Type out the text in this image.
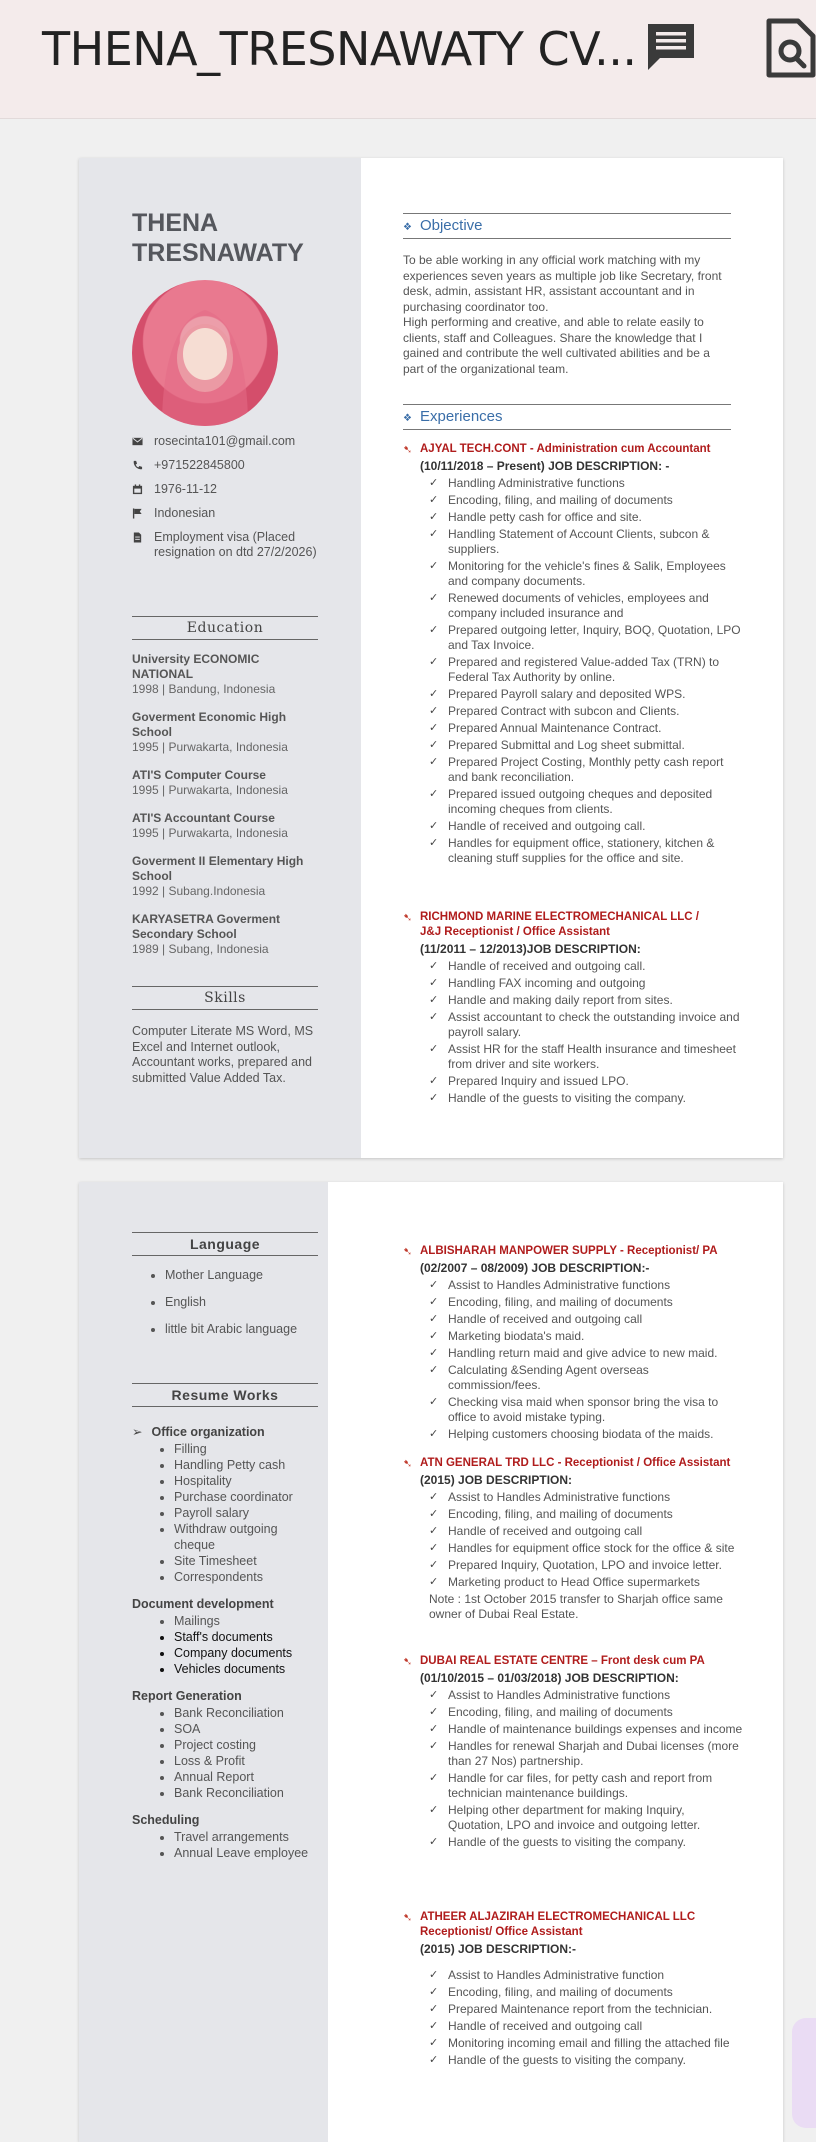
THENA_TRESNAWATY CV...
THENA TRESNAWATY
rosecinta101@gmail.com
+971522845800
1976-11-12
Indonesian
Employment visa (Placed resignation on dtd 27/2/2026)
Education
University ECONOMIC NATIONAL
1998 | Bandung, Indonesia
Goverment Economic High School
1995 | Purwakarta, Indonesia
ATI'S Computer Course
1995 | Purwakarta, Indonesia
ATI'S Accountant Course
1995 | Purwakarta, Indonesia
Goverment II Elementary High School
1992 | Subang.Indonesia
KARYASETRA Goverment Secondary School
1989 | Subang, Indonesia
Skills
Computer Literate MS Word, MS Excel and Internet outlook, Accountant works, prepared and submitted Value Added Tax.
❖ Objective
To be able working in any official work matching with my experiences seven years as multiple job like Secretary, front desk, admin, assistant HR, assistant accountant and in purchasing coordinator too.
High performing and creative, and able to relate easily to clients, staff and Colleagues. Share the knowledge that I gained and contribute the well cultivated abilities and be a part of the organizational team.
❖ Experiences
➷ AJYAL TECH.CONT - Administration cum Accountant
(10/11/2018 – Present) JOB DESCRIPTION: -
✓ Handling Administrative functions
✓ Encoding, filing, and mailing of documents
✓ Handle petty cash for office and site.
✓ Handling Statement of Account Clients, subcon & suppliers.
✓ Monitoring for the vehicle's fines & Salik, Employees and company documents.
✓ Renewed documents of vehicles, employees and company included insurance and
✓ Prepared outgoing letter, Inquiry, BOQ, Quotation, LPO and Tax Invoice.
✓ Prepared and registered Value-added Tax (TRN) to Federal Tax Authority by online.
✓ Prepared Payroll salary and deposited WPS.
✓ Prepared Contract with subcon and Clients.
✓ Prepared Annual Maintenance Contract.
✓ Prepared Submittal and Log sheet submittal.
✓ Prepared Project Costing, Monthly petty cash report and bank reconciliation.
✓ Prepared issued outgoing cheques and deposited incoming cheques from clients.
✓ Handle of received and outgoing call.
✓ Handles for equipment office, stationery, kitchen & cleaning stuff supplies for the office and site.
➷ RICHMOND MARINE ELECTROMECHANICAL LLC / J&J Receptionist / Office Assistant
(11/2011 – 12/2013)JOB DESCRIPTION:
✓ Handle of received and outgoing call.
✓ Handling FAX incoming and outgoing
✓ Handle and making daily report from sites.
✓ Assist accountant to check the outstanding invoice and payroll salary.
✓ Assist HR for the staff Health insurance and timesheet from driver and site workers.
✓ Prepared Inquiry and issued LPO.
✓ Handle of the guests to visiting the company.
Language
• Mother Language
• English
• little bit Arabic language
Resume Works
➢ Office organization
• Filling
• Handling Petty cash
• Hospitality
• Purchase coordinator
• Payroll salary
• Withdraw outgoing cheque
• Site Timesheet
• Correspondents
Document development
• Mailings
• Staff's documents
• Company documents
• Vehicles documents
Report Generation
• Bank Reconciliation
• SOA
• Project costing
• Loss & Profit
• Annual Report
• Bank Reconciliation
Scheduling
• Travel arrangements
• Annual Leave employee
➷ ALBISHARAH MANPOWER SUPPLY - Receptionist/ PA
(02/2007 – 08/2009) JOB DESCRIPTION:-
✓ Assist to Handles Administrative functions
✓ Encoding, filing, and mailing of documents
✓ Handle of received and outgoing call
✓ Marketing biodata's maid.
✓ Handling return maid and give advice to new maid.
✓ Calculating &Sending Agent overseas commission/fees.
✓ Checking visa maid when sponsor bring the visa to office to avoid mistake typing.
✓ Helping customers choosing biodata of the maids.
➷ ATN GENERAL TRD LLC - Receptionist / Office Assistant
(2015) JOB DESCRIPTION:
✓ Assist to Handles Administrative functions
✓ Encoding, filing, and mailing of documents
✓ Handle of received and outgoing call
✓ Handles for equipment office stock for the office & site
✓ Prepared Inquiry, Quotation, LPO and invoice letter.
✓ Marketing product to Head Office supermarkets
Note : 1st October 2015 transfer to Sharjah office same owner of Dubai Real Estate.
➷ DUBAI REAL ESTATE CENTRE – Front desk cum PA
(01/10/2015 – 01/03/2018) JOB DESCRIPTION:
✓ Assist to Handles Administrative functions
✓ Encoding, filing, and mailing of documents
✓ Handle of maintenance buildings expenses and income
✓ Handles for renewal Sharjah and Dubai licenses (more than 27 Nos) partnership.
✓ Handle for car files, for petty cash and report from technician maintenance buildings.
✓ Helping other department for making Inquiry, Quotation, LPO and invoice and outgoing letter.
✓ Handle of the guests to visiting the company.
➷ ATHEER ALJAZIRAH ELECTROMECHANICAL LLC Receptionist/ Office Assistant
(2015) JOB DESCRIPTION:-
✓ Assist to Handles Administrative function
✓ Encoding, filing, and mailing of documents
✓ Prepared Maintenance report from the technician.
✓ Handle of received and outgoing call
✓ Monitoring incoming email and filling the attached file
✓ Handle of the guests to visiting the company.
